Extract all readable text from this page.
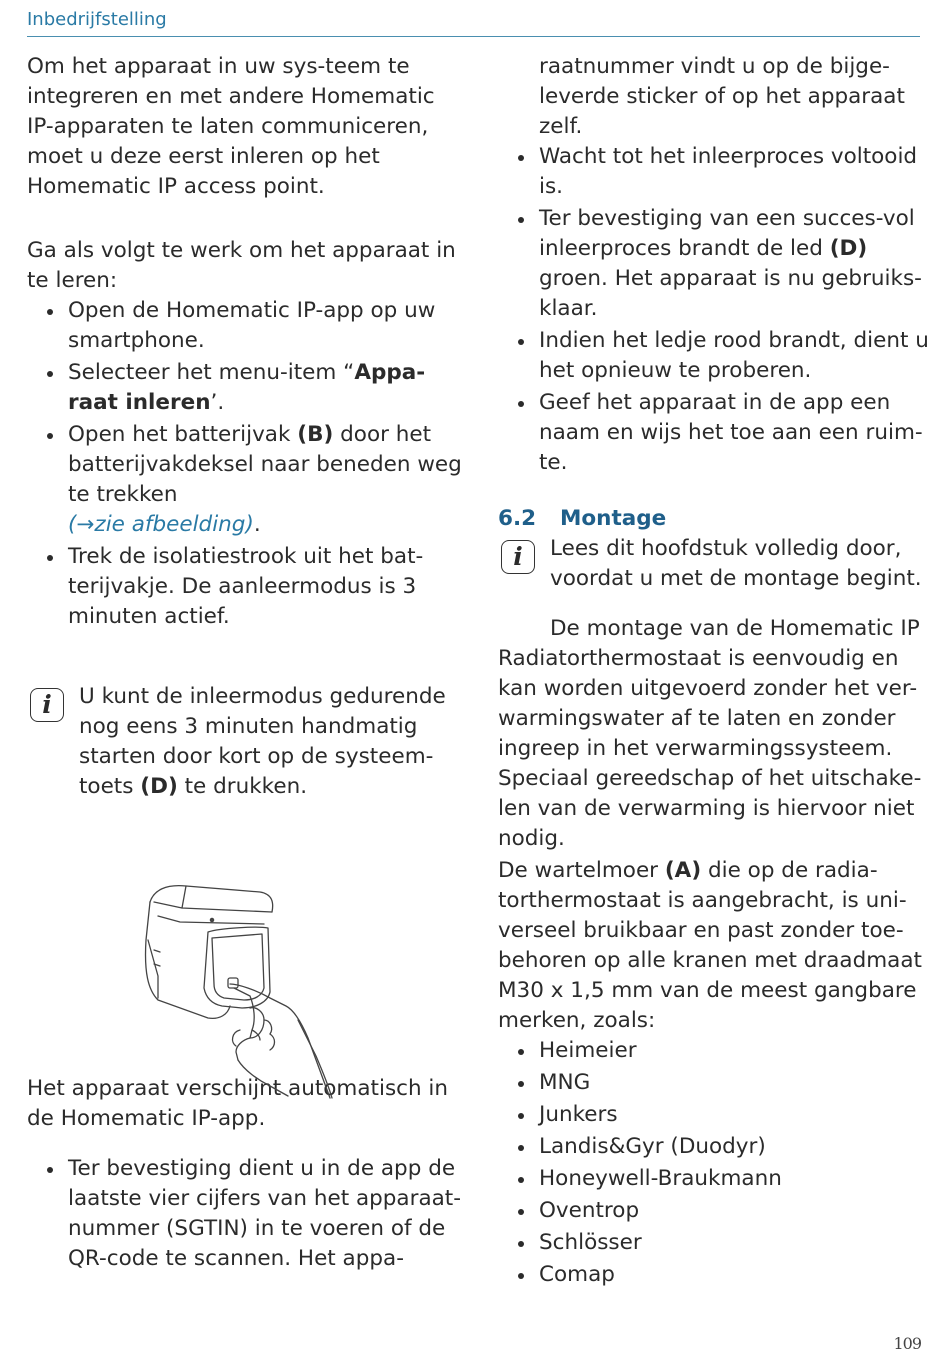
Inbedrijfstelling

Om het apparaat in uw sys-teem te integreren en met andere Homematic IP-apparaten te laten communiceren, moet u deze eerst inleren op het Homematic IP access point.

Ga als volgt te werk om het apparaat in te leren:

Open de Homematic IP-app op uw smartphone.
Selecteer het menu-item “Appa-raat inleren’.
Open het batterijvak (B) door het batterijvakdeksel naar beneden weg te trekken
(→zie afbeelding).
Trek de isolatiestrook uit het bat-terijvakje. De aanleermodus is 3 minuten actief.
i	U kunt de inleermodus gedurende nog eens 3 minuten handmatig starten door kort op de systeem-toets (D) te drukken.

Het apparaat verschijnt automatisch in de Homematic IP-app.

Ter bevestiging dient u in de app de laatste vier cijfers van het apparaat-nummer (SGTIN) in te voeren of de QR-code te scannen. Het appa-

raatnummer vindt u op de bijge-leverde sticker of op het apparaat zelf.

Wacht tot het inleerproces voltooid is.
Ter bevestiging van een succes-vol inleerproces brandt de led (D) groen. Het apparaat is nu gebruiks-klaar.
Indien het ledje rood brandt, dient u het opnieuw te proberen.
Geef het apparaat in de app een naam en wijs het toe aan een ruim-te.
6.2 Montage
i	Lees dit hoofdstuk volledig door, voordat u met de montage begint.

De montage van de Homematic IP Radiatorthermostaat is eenvoudig en kan worden uitgevoerd zonder het ver-warmingswater af te laten en zonder ingreep in het verwarmingssysteem. Speciaal gereedschap of het uitschake-len van de verwarming is hiervoor niet nodig.

De wartelmoer (A) die op de radia-torthermostaat is aangebracht, is uni-verseel bruikbaar en past zonder toe-behoren op alle kranen met draadmaat M30 x 1,5 mm van de meest gangbare merken, zoals:

Heimeier
MNG
Junkers
Landis&Gyr (Duodyr)
Honeywell-Braukmann
Oventrop
Schlösser
Comap
109
